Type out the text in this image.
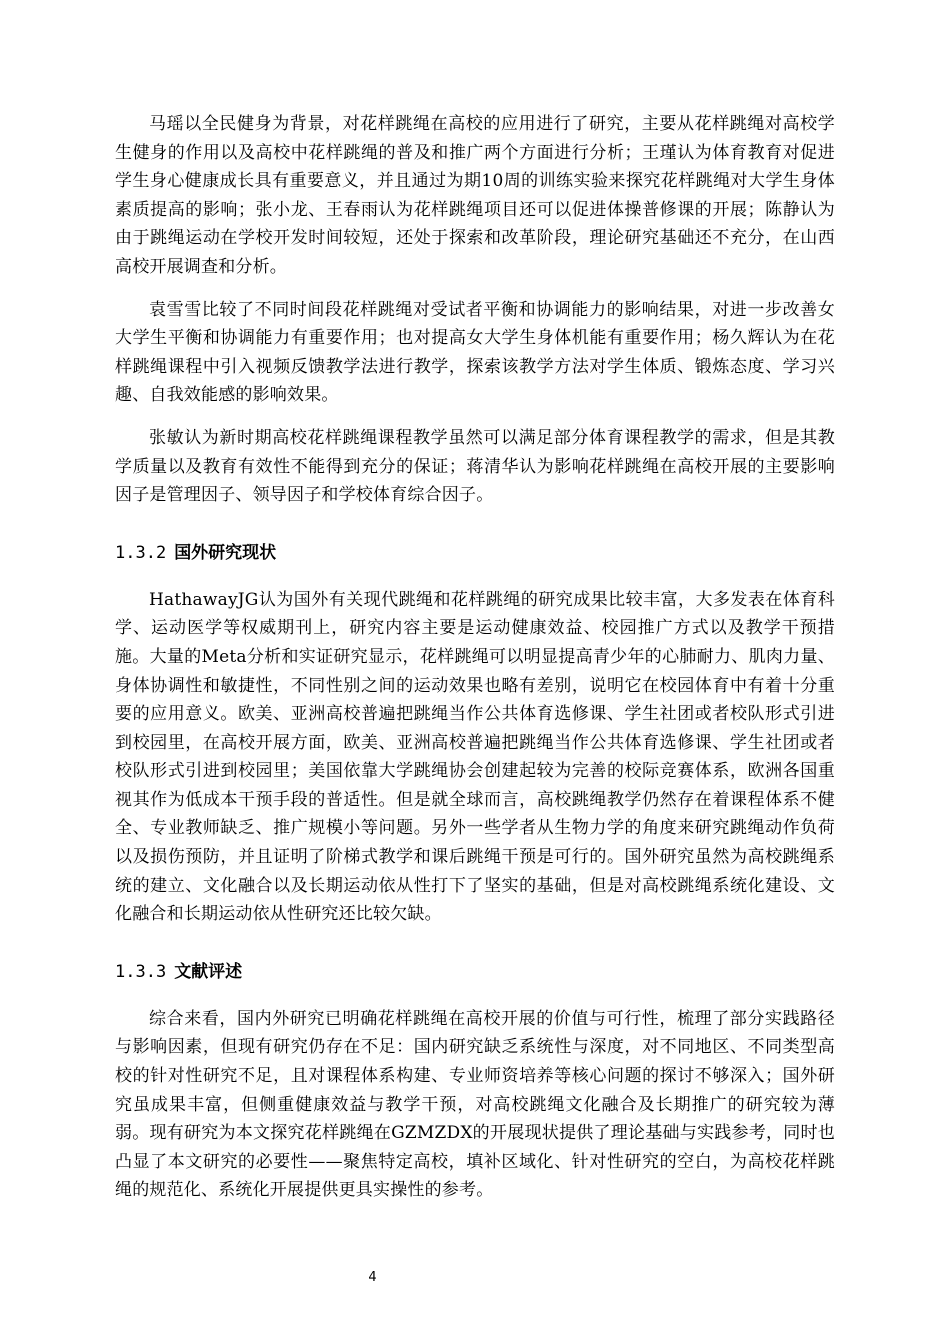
马瑶以全民健身为背景，对花样跳绳在高校的应用进行了研究，主要从花样跳绳对高校学生健身的作用以及高校中花样跳绳的普及和推广两个方面进行分析；王瑾认为体育教育对促进学生身心健康成长具有重要意义，并且通过为期10周的训练实验来探究花样跳绳对大学生身体素质提高的影响；张小龙、王春雨认为花样跳绳项目还可以促进体操普修课的开展；陈静认为由于跳绳运动在学校开发时间较短，还处于探索和改革阶段，理论研究基础还不充分，在山西高校开展调查和分析。

袁雪雪比较了不同时间段花样跳绳对受试者平衡和协调能力的影响结果，对进一步改善女大学生平衡和协调能力有重要作用；也对提高女大学生身体机能有重要作用；杨久辉认为在花样跳绳课程中引入视频反馈教学法进行教学，探索该教学方法对学生体质、锻炼态度、学习兴趣、自我效能感的影响效果。

张敏认为新时期高校花样跳绳课程教学虽然可以满足部分体育课程教学的需求，但是其教学质量以及教育有效性不能得到充分的保证；蒋清华认为影响花样跳绳在高校开展的主要影响因子是管理因子、领导因子和学校体育综合因子。

1.3.2 国外研究现状

HathawayJG认为国外有关现代跳绳和花样跳绳的研究成果比较丰富，大多发表在体育科学、运动医学等权威期刊上，研究内容主要是运动健康效益、校园推广方式以及教学干预措施。大量的Meta分析和实证研究显示，花样跳绳可以明显提高青少年的心肺耐力、肌肉力量、身体协调性和敏捷性，不同性别之间的运动效果也略有差别，说明它在校园体育中有着十分重要的应用意义。欧美、亚洲高校普遍把跳绳当作公共体育选修课、学生社团或者校队形式引进到校园里，在高校开展方面，欧美、亚洲高校普遍把跳绳当作公共体育选修课、学生社团或者校队形式引进到校园里；美国依靠大学跳绳协会创建起较为完善的校际竞赛体系，欧洲各国重视其作为低成本干预手段的普适性。但是就全球而言，高校跳绳教学仍然存在着课程体系不健全、专业教师缺乏、推广规模小等问题。另外一些学者从生物力学的角度来研究跳绳动作负荷以及损伤预防，并且证明了阶梯式教学和课后跳绳干预是可行的。国外研究虽然为高校跳绳系统的建立、文化融合以及长期运动依从性打下了坚实的基础，但是对高校跳绳系统化建设、文化融合和长期运动依从性研究还比较欠缺。

1.3.3 文献评述

综合来看，国内外研究已明确花样跳绳在高校开展的价值与可行性，梳理了部分实践路径与影响因素，但现有研究仍存在不足：国内研究缺乏系统性与深度，对不同地区、不同类型高校的针对性研究不足，且对课程体系构建、专业师资培养等核心问题的探讨不够深入；国外研究虽成果丰富，但侧重健康效益与教学干预，对高校跳绳文化融合及长期推广的研究较为薄弱。现有研究为本文探究花样跳绳在GZMZDX的开展现状提供了理论基础与实践参考，同时也凸显了本文研究的必要性——聚焦特定高校，填补区域化、针对性研究的空白，为高校花样跳绳的规范化、系统化开展提供更具实操性的参考。

4
